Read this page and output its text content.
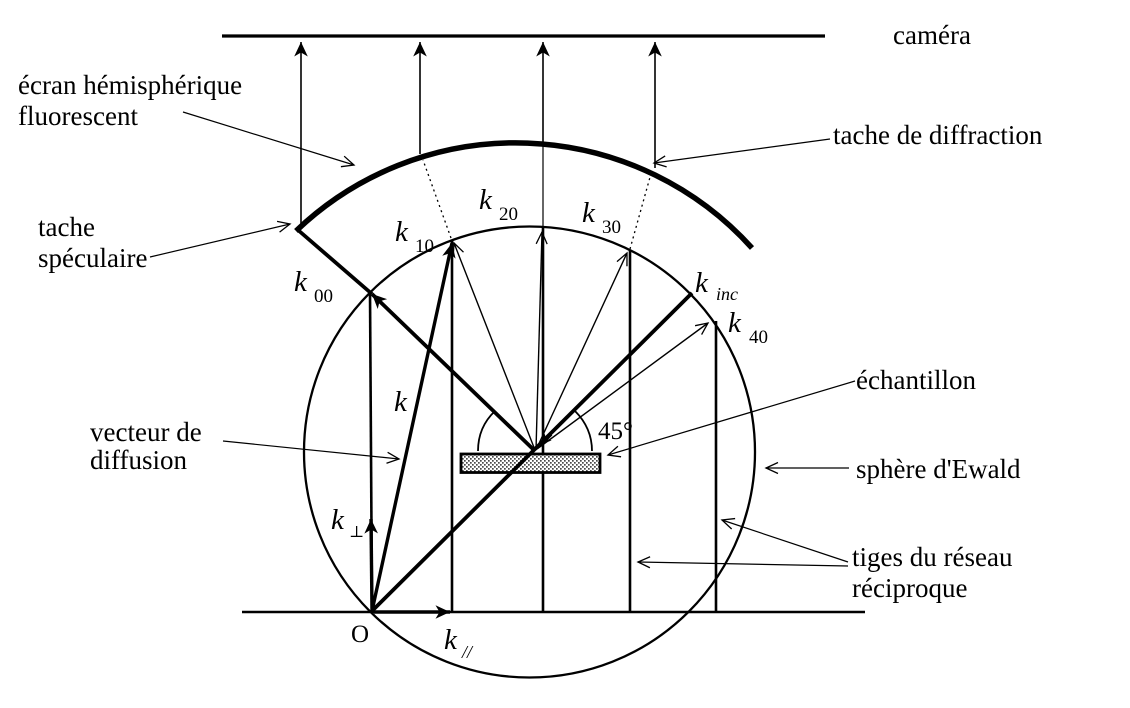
écran hémisphérique
fluorescent
tache
spéculaire
vecteur de
diffusion
caméra
tache de diffraction
échantillon
sphère d'Ewald
tiges du réseau
réciproque
45°
O
k 00
k 10
k 20 k 30
k 40
k inc
k
k ⊥
k //
